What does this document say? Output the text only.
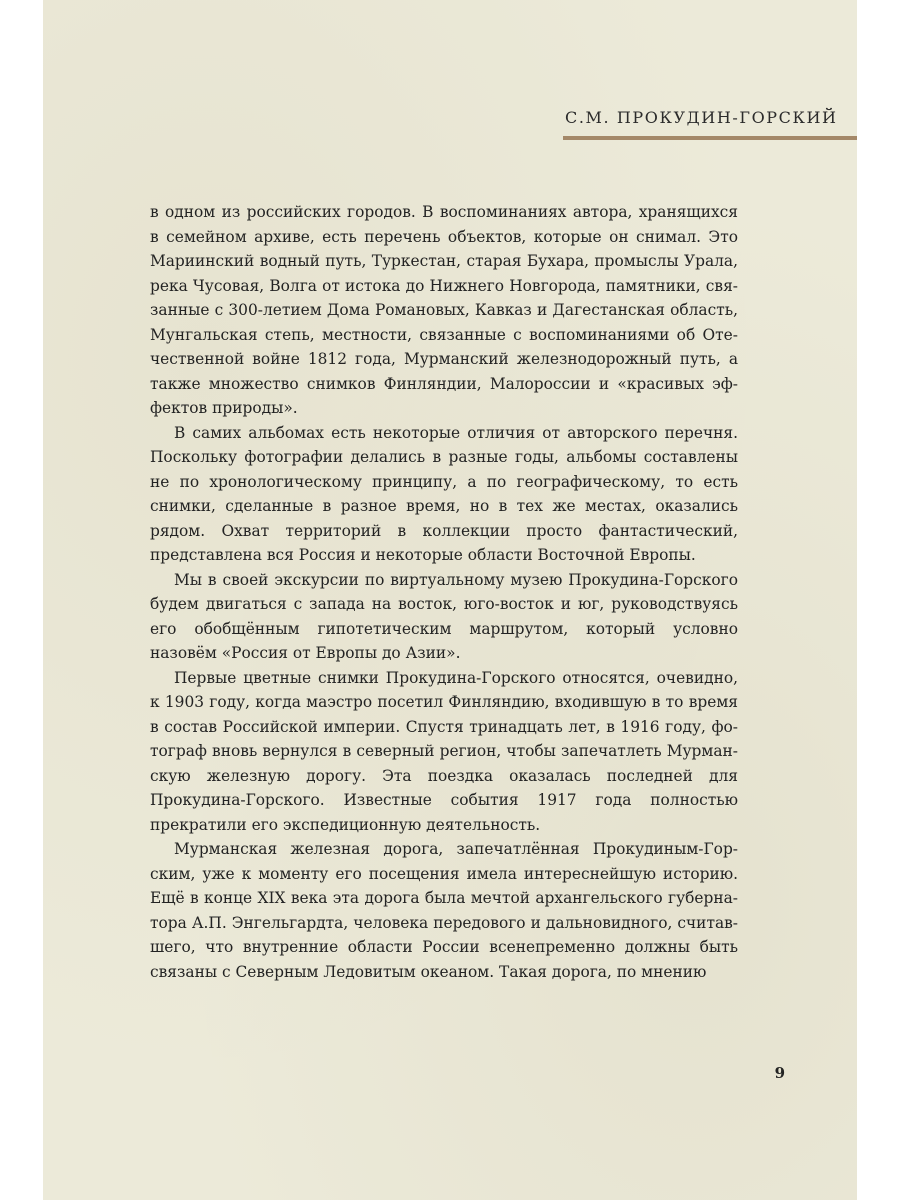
С.М. ПРОКУДИН-ГОРСКИЙ

в одном из российских городов. В воспоминаниях автора, хранящихся в семейном архиве, есть перечень объектов, которые он снимал. Это Мариинский водный путь, Туркестан, старая Бухара, промыслы Урала, река Чусовая, Волга от истока до Нижнего Новгорода, памятники, связанные с 300-летием Дома Романовых, Кавказ и Дагестанская область, Мунгальская степь, местности, связанные с воспоминаниями об Отечественной войне 1812 года, Мурманский железнодорожный путь, а также множество снимков Финляндии, Малороссии и «красивых эффектов природы».

В самих альбомах есть некоторые отличия от авторского перечня. Поскольку фотографии делались в разные годы, альбомы составлены не по хронологическому принципу, а по географическому, то есть снимки, сделанные в разное время, но в тех же местах, оказались рядом. Охват территорий в коллекции просто фантастический, представлена вся Россия и некоторые области Восточной Европы.

Мы в своей экскурсии по виртуальному музею Прокудина-Горского будем двигаться с запада на восток, юго-восток и юг, руководствуясь его обобщённым гипотетическим маршрутом, который условно назовём «Россия от Европы до Азии».

Первые цветные снимки Прокудина-Горского относятся, очевидно, к 1903 году, когда маэстро посетил Финляндию, входившую в то время в состав Российской империи. Спустя тринадцать лет, в 1916 году, фотограф вновь вернулся в северный регион, чтобы запечатлеть Мурманскую железную дорогу. Эта поездка оказалась последней для Прокудина-Горского. Известные события 1917 года полностью прекратили его экспедиционную деятельность.

Мурманская железная дорога, запечатлённая Прокудиным-Горским, уже к моменту его посещения имела интереснейшую историю. Ещё в конце XIX века эта дорога была мечтой архангельского губернатора А.П. Энгельгардта, человека передового и дальновидного, считавшего, что внутренние области России всенепременно должны быть связаны с Северным Ледовитым океаном. Такая дорога, по мнению

9
